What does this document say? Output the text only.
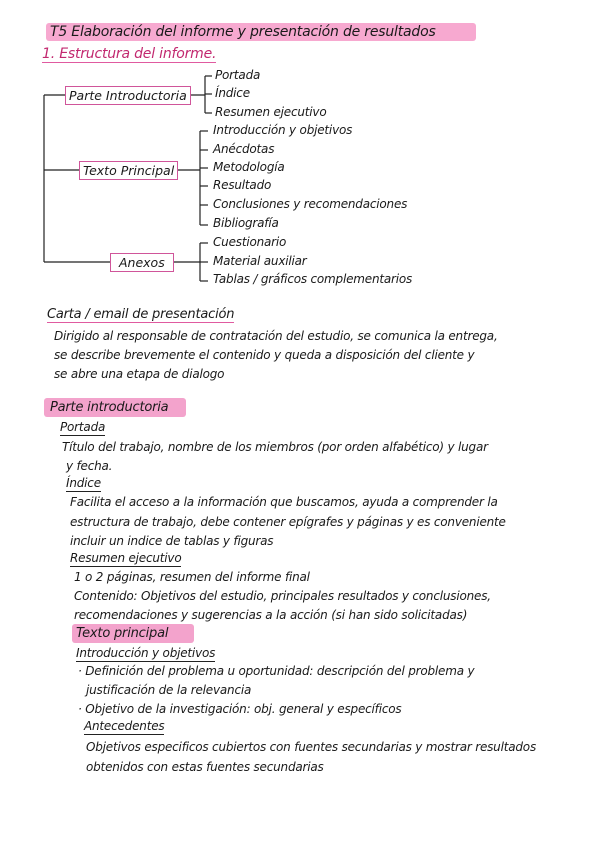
T5 Elaboración del informe y presentación de resultados
1. Estructura del informe.
Parte Introductoria
Texto Principal
Anexos
Portada
Índice
Resumen ejecutivo
Introducción y objetivos
Anécdotas
Metodología
Resultado
Conclusiones y recomendaciones
Bibliografía
Cuestionario
Material auxiliar
Tablas / gráficos complementarios
Carta / email de presentación
Dirigido al responsable de contratación del estudio, se comunica la entrega,
se describe brevemente el contenido y queda a disposición del cliente y
se abre una etapa de dialogo
Parte introductoria
Portada
Título del trabajo, nombre de los miembros (por orden alfabético) y lugar
y fecha.
Índice
Facilita el acceso a la información que buscamos, ayuda a comprender la
estructura de trabajo, debe contener epígrafes y páginas y es conveniente
incluir un indice de tablas y figuras
Resumen ejecutivo
1 o 2 páginas, resumen del informe final
Contenido: Objetivos del estudio, principales resultados y conclusiones,
recomendaciones y sugerencias a la acción (si han sido solicitadas)
Texto principal
Introducción y objetivos
· Definición del problema u oportunidad: descripción del problema y
justificación de la relevancia
· Objetivo de la investigación: obj. general y específicos
Antecedentes
Objetivos especificos cubiertos con fuentes secundarias y mostrar resultados
obtenidos con estas fuentes secundarias
